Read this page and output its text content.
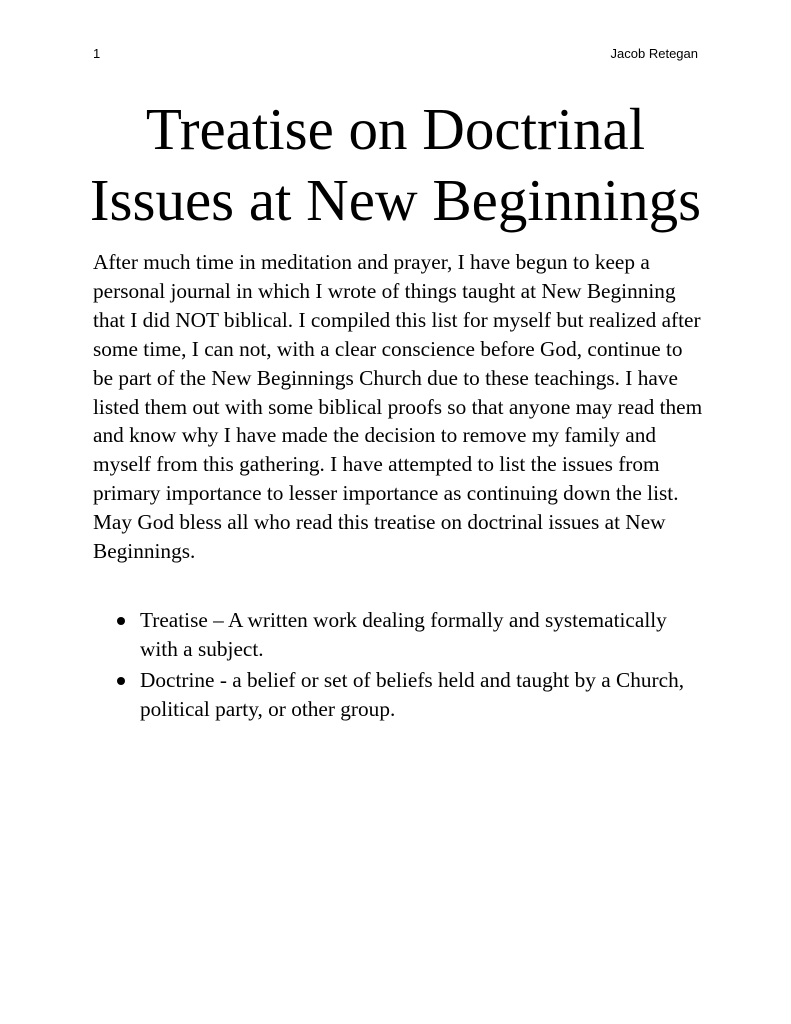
1	Jacob Retegan
Treatise on Doctrinal
Issues at New Beginnings

After much time in meditation and prayer, I have begun to keep a personal journal in which I wrote of things taught at New Beginning that I did NOT biblical. I compiled this list for myself but realized after some time, I can not, with a clear conscience before God, continue to be part of the New Beginnings Church due to these teachings. I have listed them out with some biblical proofs so that anyone may read them and know why I have made the decision to remove my family and myself from this gathering. I have attempted to list the issues from primary importance to lesser importance as continuing down the list. May God bless all who read this treatise on doctrinal issues at New Beginnings.

Treatise – A written work dealing formally and systematically with a subject.
Doctrine - a belief or set of beliefs held and taught by a Church, political party, or other group.
